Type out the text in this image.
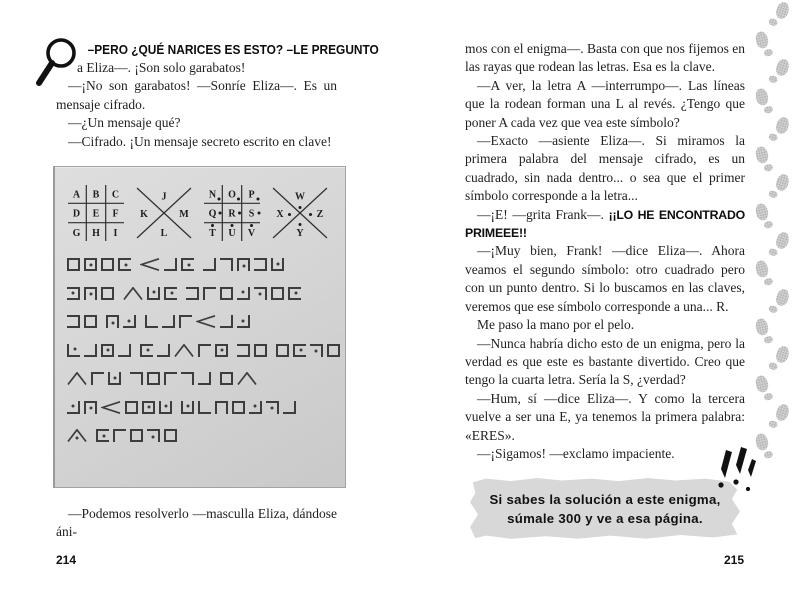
–PERO ¿QUÉ NARICES ES ESTO? –LE PREGUNTO

a Eliza—. ¡Son solo garabatos!

—¡No son garabatos! —Sonríe Eliza—. Es un mensaje cifrado.

—¿Un mensaje qué?

—Cifrado. ¡Un mensaje secreto escrito en clave!

A B C
D E F
G H I
J
K	M
L
N O P
Q R S
T U V
W
X	Z
Y

—Podemos resolverlo —masculla Eliza, dándose áni-

214

mos con el enigma—. Basta con que nos fijemos en las rayas que rodean las letras. Esa es la clave.

—A ver, la letra A —interrumpo—. Las líneas que la rodean forman una L al revés. ¿Tengo que poner A cada vez que vea este símbolo?

—Exacto —asiente Eliza—. Si miramos la primera palabra del mensaje cifrado, es un cuadrado, sin nada dentro... o sea que el primer símbolo corresponde a la letra...

—¡E! —grita Frank—. ¡¡LO HE ENCONTRADO PRIMEEE!!

—¡Muy bien, Frank! —dice Eliza—. Ahora veamos el segundo símbolo: otro cuadrado pero con un punto dentro. Si lo buscamos en las claves, veremos que ese símbolo corresponde a una... R.

Me paso la mano por el pelo.

—Nunca habría dicho esto de un enigma, pero la verdad es que este es bastante divertido. Creo que tengo la cuarta letra. Sería la S, ¿verdad?

—Hum, sí —dice Eliza—. Y como la tercera vuelve a ser una E, ya tenemos la primera palabra: «ERES».

—¡Sigamos! —exclamo impaciente.

Si sabes la solución a este enigma,
súmale 300 y ve a esa página.
215
